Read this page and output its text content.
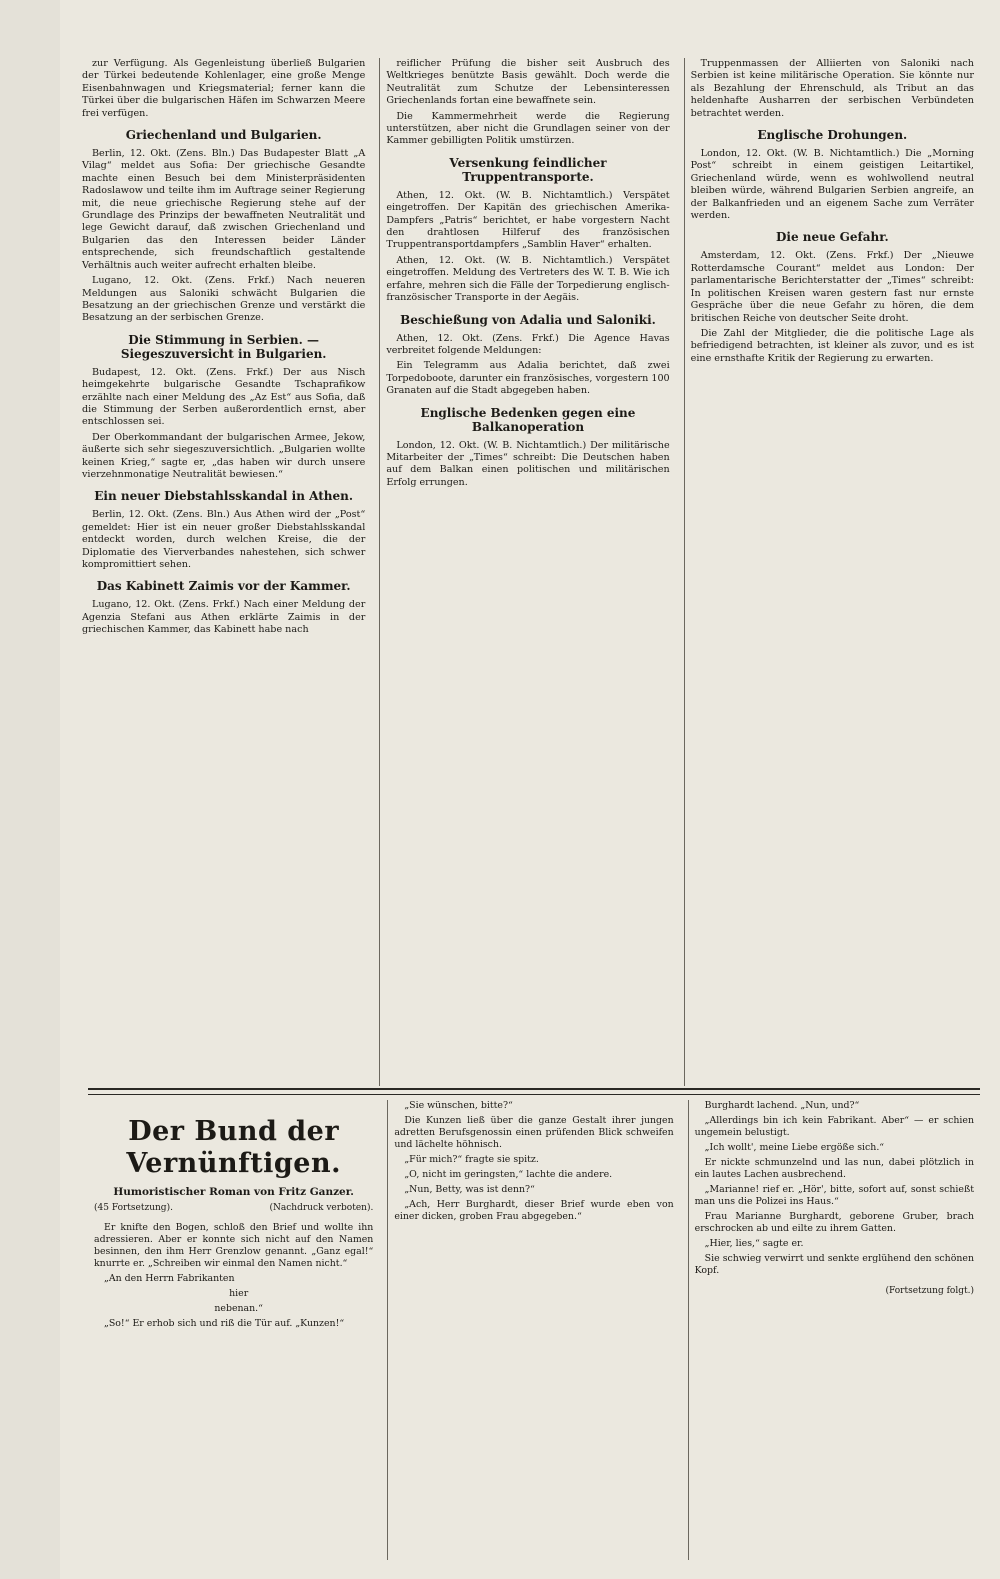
zur Verfügung. Als Gegenleistung überließ Bulgarien der Türkei bedeutende Kohlenlager, eine große Menge Eisenbahnwagen und Kriegsmaterial; ferner kann die Türkei über die bulgarischen Häfen im Schwarzen Meere frei verfügen.

Griechenland und Bulgarien.

Berlin, 12. Okt. (Zens. Bln.) Das Budapester Blatt „A Vilag“ meldet aus Sofia: Der griechische Gesandte machte einen Besuch bei dem Ministerpräsidenten Radoslawow und teilte ihm im Auftrage seiner Regierung mit, die neue griechische Regierung stehe auf der Grundlage des Prinzips der bewaffneten Neutralität und lege Gewicht darauf, daß zwischen Griechenland und Bulgarien das den Interessen beider Länder entsprechende, sich freundschaftlich gestaltende Verhältnis auch weiter aufrecht erhalten bleibe.

Lugano, 12. Okt. (Zens. Frkf.) Nach neueren Meldungen aus Saloniki schwächt Bulgarien die Besatzung an der griechischen Grenze und verstärkt die Besatzung an der serbischen Grenze.

Die Stimmung in Serbien. — Siegeszuversicht in Bulgarien.

Budapest, 12. Okt. (Zens. Frkf.) Der aus Nisch heimgekehrte bulgarische Gesandte Tschaprafikow erzählte nach einer Meldung des „Az Est“ aus Sofia, daß die Stimmung der Serben außerordentlich ernst, aber entschlossen sei.

Der Oberkommandant der bulgarischen Armee, Jekow, äußerte sich sehr siegeszuversichtlich. „Bulgarien wollte keinen Krieg,“ sagte er, „das haben wir durch unsere vierzehnmonatige Neutralität bewiesen.“

Ein neuer Diebstahlsskandal in Athen.

Berlin, 12. Okt. (Zens. Bln.) Aus Athen wird der „Post“ gemeldet: Hier ist ein neuer großer Diebstahlsskandal entdeckt worden, durch welchen Kreise, die der Diplomatie des Vierverbandes nahestehen, sich schwer kompromittiert sehen.

Das Kabinett Zaimis vor der Kammer.

Lugano, 12. Okt. (Zens. Frkf.) Nach einer Meldung der Agenzia Stefani aus Athen erklärte Zaimis in der griechischen Kammer, das Kabinett habe nach

reiflicher Prüfung die bisher seit Ausbruch des Weltkrieges benützte Basis gewählt. Doch werde die Neutralität zum Schutze der Lebensinteressen Griechenlands fortan eine bewaffnete sein.

Die Kammermehrheit werde die Regierung unterstützen, aber nicht die Grundlagen seiner von der Kammer gebilligten Politik umstürzen.

Versenkung feindlicher Truppentransporte.

Athen, 12. Okt. (W. B. Nichtamtlich.) Verspätet eingetroffen. Der Kapitän des griechischen Amerika-Dampfers „Patris“ berichtet, er habe vorgestern Nacht den drahtlosen Hilferuf des französischen Truppentransportdampfers „Samblin Haver“ erhalten.

Athen, 12. Okt. (W. B. Nichtamtlich.) Verspätet eingetroffen. Meldung des Vertreters des W. T. B. Wie ich erfahre, mehren sich die Fälle der Torpedierung englisch-französischer Transporte in der Aegäis.

Beschießung von Adalia und Saloniki.

Athen, 12. Okt. (Zens. Frkf.) Die Agence Havas verbreitet folgende Meldungen:

Ein Telegramm aus Adalia berichtet, daß zwei Torpedoboote, darunter ein französisches, vorgestern 100 Granaten auf die Stadt abgegeben haben.

Englische Bedenken gegen eine Balkanoperation

London, 12. Okt. (W. B. Nichtamtlich.) Der militärische Mitarbeiter der „Times“ schreibt: Die Deutschen haben auf dem Balkan einen politischen und militärischen Erfolg errungen.

Truppenmassen der Alliierten von Saloniki nach Serbien ist keine militärische Operation. Sie könnte nur als Bezahlung der Ehrenschuld, als Tribut an das heldenhafte Ausharren der serbischen Verbündeten betrachtet werden.

Englische Drohungen.

London, 12. Okt. (W. B. Nichtamtlich.) Die „Morning Post“ schreibt in einem geistigen Leitartikel, Griechenland würde, wenn es wohlwollend neutral bleiben würde, während Bulgarien Serbien angreife, an der Balkanfrieden und an eigenem Sache zum Verräter werden.

Die neue Gefahr.

Amsterdam, 12. Okt. (Zens. Frkf.) Der „Nieuwe Rotterdamsche Courant“ meldet aus London: Der parlamentarische Berichterstatter der „Times“ schreibt: In politischen Kreisen waren gestern fast nur ernste Gespräche über die neue Gefahr zu hören, die dem britischen Reiche von deutscher Seite droht.

Die Zahl der Mitglieder, die die politische Lage als befriedigend betrachten, ist kleiner als zuvor, und es ist eine ernsthafte Kritik der Regierung zu erwarten.

Der Bund der Vernünftigen.
Humoristischer Roman von Fritz Ganzer.
(45 Fortsetzung).	(Nachdruck verboten).

Er knifte den Bogen, schloß den Brief und wollte ihn adressieren. Aber er konnte sich nicht auf den Namen besinnen, den ihm Herr Grenzlow genannt. „Ganz egal!“ knurrte er. „Schreiben wir einmal den Namen nicht.“

„An den Herrn Fabrikanten

hier

nebenan.“

„So!“ Er erhob sich und riß die Tür auf. „Kunzen!“

„Sie wünschen, bitte?“

Die Kunzen ließ über die ganze Gestalt ihrer jungen adretten Berufsgenossin einen prüfenden Blick schweifen und lächelte höhnisch.

„Für mich?“ fragte sie spitz.

„O, nicht im geringsten,“ lachte die andere.

„Nun, Betty, was ist denn?“

„Ach, Herr Burghardt, dieser Brief wurde eben von einer dicken, groben Frau abgegeben.“

Burghardt lachend. „Nun, und?“

„Allerdings bin ich kein Fabrikant. Aber“ — er schien ungemein belustigt.

„Ich wollt', meine Liebe ergöße sich.“

Er nickte schmunzelnd und las nun, dabei plötzlich in ein lautes Lachen ausbrechend.

„Marianne! rief er. „Hör', bitte, sofort auf, sonst schießt man uns die Polizei ins Haus.“

Frau Marianne Burghardt, geborene Gruber, brach erschrocken ab und eilte zu ihrem Gatten.

„Hier, lies,“ sagte er.

Sie schwieg verwirrt und senkte erglühend den schönen Kopf.

(Fortsetzung folgt.)
